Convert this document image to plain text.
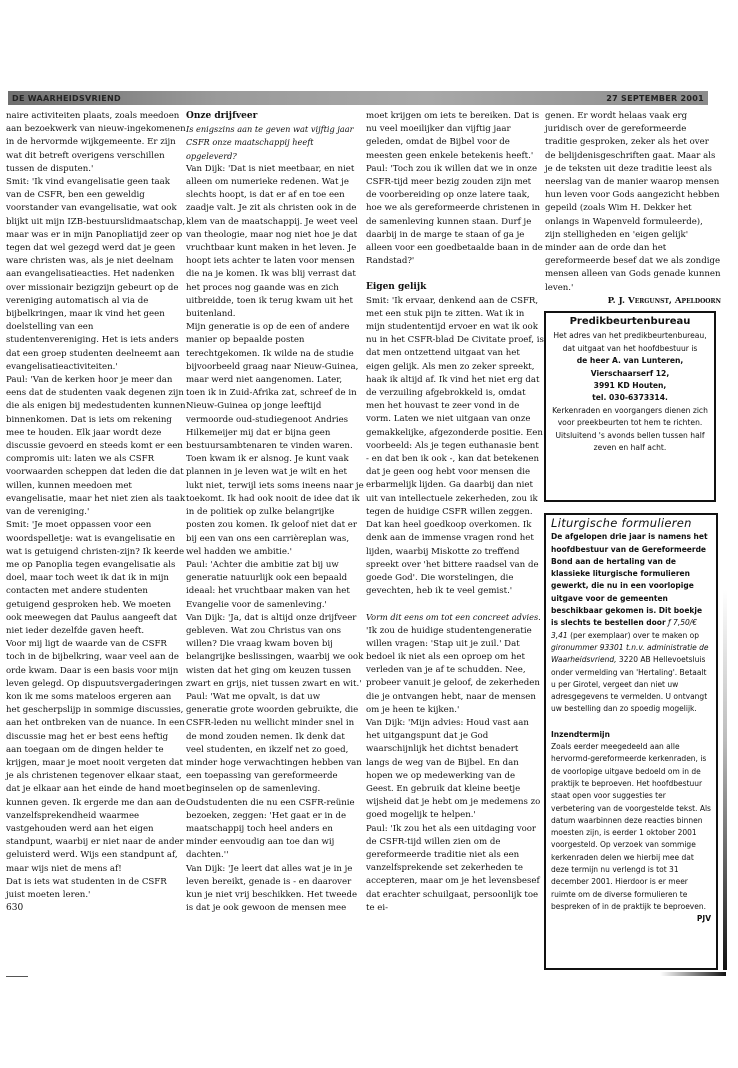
DE WAARHEIDSVRIEND	27 SEPTEMBER 2001

naire activiteiten plaats, zoals meedoen aan bezoekwerk van nieuw-ingekomenen in de hervormde wijkgemeente. Er zijn wat dit betreft overigens verschillen tussen de disputen.'

Smit: 'Ik vind evangelisatie geen taak van de CSFR, ben een geweldig voorstander van evangelisatie, wat ook blijkt uit mijn IZB-bestuurslidmaatschap, maar was er in mijn Panopliatijd zeer op tegen dat wel gezegd werd dat je geen ware christen was, als je niet deelnam aan evangelisatieacties. Het nadenken over missionair bezigzijn gebeurt op de vereniging automatisch al via de bijbelkringen, maar ik vind het geen doelstelling van een studentenvereniging. Het is iets anders dat een groep studenten deelneemt aan evangelisatieactiviteiten.'

Paul: 'Van de kerken hoor je meer dan eens dat de studenten vaak degenen zijn die als enigen bij medestudenten kunnen binnenkomen. Dat is iets om rekening mee te houden. Elk jaar wordt deze discussie gevoerd en steeds komt er een compromis uit: laten we als CSFR voorwaarden scheppen dat leden die dat willen, kunnen meedoen met evangelisatie, maar het niet zien als taak van de vereniging.'

Smit: 'Je moet oppassen voor een woordspelletje: wat is evangelisatie en wat is getuigend christen-zijn? Ik keerde me op Panoplia tegen evangelisatie als doel, maar toch weet ik dat ik in mijn contacten met andere studenten getuigend gesproken heb. We moeten ook meewegen dat Paulus aangeeft dat niet ieder dezelfde gaven heeft.

Voor mij ligt de waarde van de CSFR toch in de bijbelkring, waar veel aan de orde kwam. Daar is een basis voor mijn leven gelegd. Op dispuutsvergaderingen kon ik me soms mateloos ergeren aan het gescherpslijp in sommige discussies, aan het ontbreken van de nuance. In een discussie mag het er best eens heftig aan toegaan om de dingen helder te krijgen, maar je moet nooit vergeten dat je als christenen tegenover elkaar staat, dat je elkaar aan het einde de hand moet kunnen geven. Ik ergerde me dan aan de vanzelfsprekendheid waarmee vastgehouden werd aan het eigen standpunt, waarbij er niet naar de ander geluisterd werd. Wijs een standpunt af, maar wijs niet de mens af!

Dat is iets wat studenten in de CSFR juist moeten leren.'

630

Onze drijfveer

Is enigszins aan te geven wat vijftig jaar CSFR onze maatschappij heeft opgeleverd?

Van Dijk: 'Dat is niet meetbaar, en niet alleen om numerieke redenen. Wat je slechts hoopt, is dat er af en toe een zaadje valt. Je zit als christen ook in de klem van de maatschappij. Je weet veel van theologie, maar nog niet hoe je dat vruchtbaar kunt maken in het leven. Je hoopt iets achter te laten voor mensen die na je komen. Ik was blij verrast dat het proces nog gaande was en zich uitbreidde, toen ik terug kwam uit het buitenland.

Mijn generatie is op de een of andere manier op bepaalde posten terechtgekomen. Ik wilde na de studie bijvoorbeeld graag naar Nieuw-Guinea, maar werd niet aangenomen. Later, toen ik in Zuid-Afrika zat, schreef de in Nieuw-Guinea op jonge leeftijd vermoorde oud-studiegenoot Andries Hilkemeijer mij dat er bijna geen bestuursambtenaren te vinden waren. Toen kwam ik er alsnog. Je kunt vaak plannen in je leven wat je wilt en het lukt niet, terwijl iets soms ineens naar je toekomt. Ik had ook nooit de idee dat ik in de politiek op zulke belangrijke posten zou komen. Ik geloof niet dat er bij een van ons een carrièreplan was, wel hadden we ambitie.'

Paul: 'Achter die ambitie zat bij uw generatie natuurlijk ook een bepaald ideaal: het vruchtbaar maken van het Evangelie voor de samenleving.'

Van Dijk: 'Ja, dat is altijd onze drijfveer gebleven. Wat zou Christus van ons willen? Die vraag kwam boven bij belangrijke beslissingen, waarbij we ook wisten dat het ging om keuzen tussen zwart en grijs, niet tussen zwart en wit.'

Paul: 'Wat me opvalt, is dat uw generatie grote woorden gebruikte, die CSFR-leden nu wellicht minder snel in de mond zouden nemen. Ik denk dat veel studenten, en ikzelf net zo goed, minder hoge verwachtingen hebben van een toepassing van gereformeerde beginselen op de samenleving. Oudstudenten die nu een CSFR-reünie bezoeken, zeggen: 'Het gaat er in de maatschappij toch heel anders en minder eenvoudig aan toe dan wij dachten.''

Van Dijk: 'Je leert dat alles wat je in je leven bereikt, genade is - en daarover kun je niet vrij beschikken. Het tweede is dat je ook gewoon de mensen mee

moet krijgen om iets te bereiken. Dat is nu veel moeilijker dan vijftig jaar geleden, omdat de Bijbel voor de meesten geen enkele betekenis heeft.'

Paul: 'Toch zou ik willen dat we in onze CSFR-tijd meer bezig zouden zijn met de voorbereiding op onze latere taak, hoe we als gereformeerde christenen in de samenleving kunnen staan. Durf je daarbij in de marge te staan of ga je alleen voor een goedbetaalde baan in de Randstad?'

Eigen gelijk

Smit: 'Ik ervaar, denkend aan de CSFR, met een stuk pijn te zitten. Wat ik in mijn studententijd ervoer en wat ik ook nu in het CSFR-blad De Civitate proef, is dat men ontzettend uitgaat van het eigen gelijk. Als men zo zeker spreekt, haak ik altijd af. Ik vind het niet erg dat de verzuiling afgebrokkeld is, omdat men het houvast te zeer vond in de vorm. Laten we niet uitgaan van onze gemakkelijke, afgezonderde positie. Een voorbeeld: Als je tegen euthanasie bent - en dat ben ik ook -, kan dat betekenen dat je geen oog hebt voor mensen die erbarmelijk lijden. Ga daarbij dan niet uit van intellectuele zekerheden, zou ik tegen de huidige CSFR willen zeggen. Dat kan heel goedkoop overkomen. Ik denk aan de immense vragen rond het lijden, waarbij Miskotte zo treffend spreekt over 'het bittere raadsel van de goede God'. Die worstelingen, die gevechten, heb ik te veel gemist.'

Vorm dit eens om tot een concreet advies.

'Ik zou de huidige studentengeneratie willen vragen: 'Stap uit je zuil.' Dat bedoel ik niet als een oproep om het verleden van je af te schudden. Nee, probeer vanuit je geloof, de zekerheden die je ontvangen hebt, naar de mensen om je heen te kijken.'

Van Dijk: 'Mijn advies: Houd vast aan het uitgangspunt dat je God waarschijnlijk het dichtst benadert langs de weg van de Bijbel. En dan hopen we op medewerking van de Geest. En gebruik dat kleine beetje wijsheid dat je hebt om je medemens zo goed mogelijk te helpen.'

Paul: 'Ik zou het als een uitdaging voor de CSFR-tijd willen zien om de gereformeerde traditie niet als een vanzelfsprekende set zekerheden te accepteren, maar om je het levensbesef dat erachter schuilgaat, persoonlijk toe te ei-

genen. Er wordt helaas vaak erg juridisch over de gereformeerde traditie gesproken, zeker als het over de belijdenisgeschriften gaat. Maar als je de teksten uit deze traditie leest als neerslag van de manier waarop mensen hun leven voor Gods aangezicht hebben gepeild (zoals Wim H. Dekker het onlangs in Wapenveld formuleerde), zijn stelligheden en 'eigen gelijk' minder aan de orde dan het gereformeerde besef dat we als zondige mensen alleen van Gods genade kunnen leven.'

P. J. Vergunst, Apeldoorn

Predikbeurtenbureau

Het adres van het predikbeurtenbureau, dat uitgaat van het hoofdbestuur is

de heer A. van Lunteren,

Vierschaarserf 12,

3991 KD Houten,

tel. 030-6373314.

Kerkenraden en voorgangers dienen zich voor preekbeurten tot hem te richten.

Uitsluitend 's avonds bellen tussen half zeven en half acht.

Liturgische formulieren

De afgelopen drie jaar is namens het hoofdbestuur van de Gereformeerde Bond aan de hertaling van de klassieke liturgische formulieren gewerkt, die nu in een voorlopige uitgave voor de gemeenten beschikbaar gekomen is. Dit boekje is slechts te bestellen door ƒ 7,50/€ 3,41 (per exemplaar) over te maken op gironummer 93301 t.n.v. administratie de Waarheidsvriend, 3220 AB Hellevoetsluis onder vermelding van 'Hertaling'. Betaalt u per Girotel, vergeet dan niet uw adresgegevens te vermelden. U ontvangt uw bestelling dan zo spoedig mogelijk.

Inzendtermijn

Zoals eerder meegedeeld aan alle hervormd-gereformeerde kerkenraden, is de voorlopige uitgave bedoeld om in de praktijk te beproeven. Het hoofdbestuur staat open voor suggesties ter verbetering van de voorgestelde tekst. Als datum waarbinnen deze reacties binnen moesten zijn, is eerder 1 oktober 2001 voorgesteld. Op verzoek van sommige kerkenraden delen we hierbij mee dat deze termijn nu verlengd is tot 31 december 2001. Hierdoor is er meer ruimte om de diverse formulieren te bespreken of in de praktijk te beproeven.

PJV
